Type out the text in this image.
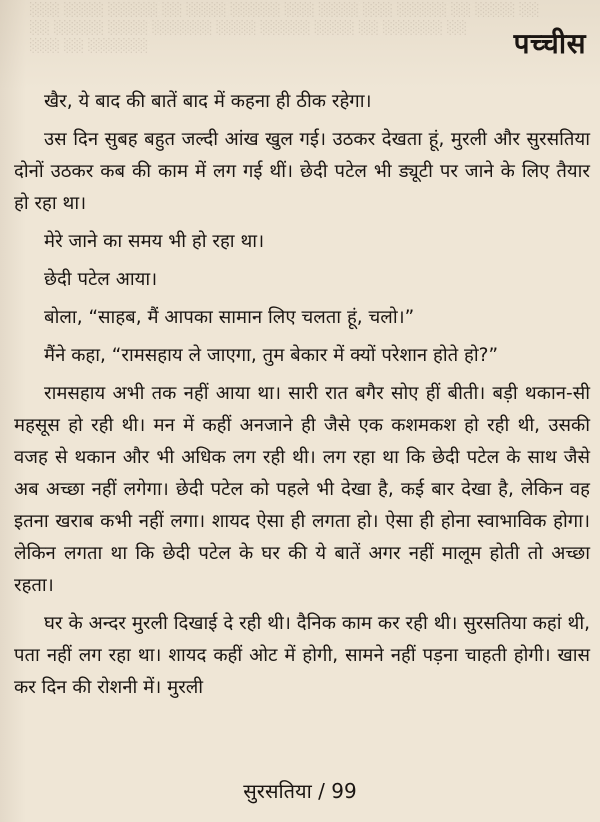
░░░ ░░░░ ░░░░░ ░░ ░░░░ ░░░░░ ░░░ ░░░░ ░░░ ░░░░░ ░░ ░░░░ ░░
░░ ░░░░░ ░░░░ ░░░░░░ ░░░░ ░░░░░ ░░░░ ░░ ░░░░░░ ░░
░░░ ░░ ░░░░░░	पच्चीस

खैर, ये बाद की बातें बाद में कहना ही ठीक रहेगा।

उस दिन सुबह बहुत जल्दी आंख खुल गई। उठकर देखता हूं, मुरली और सुरसतिया दोनों उठकर कब की काम में लग गई थीं। छेदी पटेल भी ड्यूटी पर जाने के लिए तैयार हो रहा था।

मेरे जाने का समय भी हो रहा था।

छेदी पटेल आया।

बोला, “साहब, मैं आपका सामान लिए चलता हूं, चलो।”

मैंने कहा, “रामसहाय ले जाएगा, तुम बेकार में क्यों परेशान होते हो?”

रामसहाय अभी तक नहीं आया था। सारी रात बगैर सोए हीं बीती। बड़ी थकान-सी महसूस हो रही थी। मन में कहीं अनजाने ही जैसे एक कशमकश हो रही थी, उसकी वजह से थकान और भी अधिक लग रही थी। लग रहा था कि छेदी पटेल के साथ जैसे अब अच्छा नहीं लगेगा। छेदी पटेल को पहले भी देखा है, कई बार देखा है, लेकिन वह इतना खराब कभी नहीं लगा। शायद ऐसा ही लगता हो। ऐसा ही होना स्वाभाविक होगा। लेकिन लगता था कि छेदी पटेल के घर की ये बातें अगर नहीं मालूम होती तो अच्छा रहता।

घर के अन्दर मुरली दिखाई दे रही थी। दैनिक काम कर रही थी। सुरसतिया कहां थी, पता नहीं लग रहा था। शायद कहीं ओट में होगी, सामने नहीं पड़ना चाहती होगी। खास कर दिन की रोशनी में। मुरली

सुरसतिया / 99
